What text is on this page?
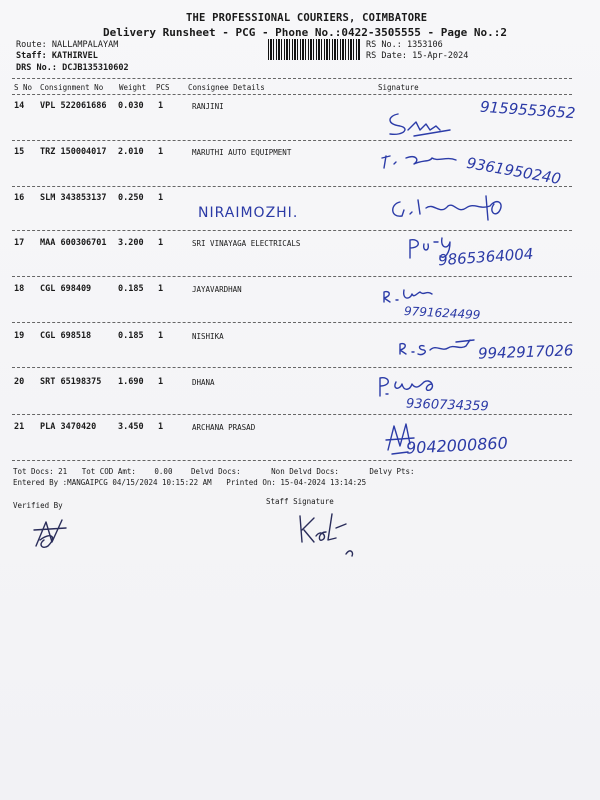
THE PROFESSIONAL COURIERS, COIMBATORE
Delivery Runsheet - PCG - Phone No.:0422-3505555 - Page No.:2
Route: NALLAMPALAYAM
Staff: KATHIRVEL
DRS No.: DCJB135310602
RS No.: 1353106
RS Date: 15-Apr-2024
S No Consignment No Weight PCS Consignee Details	Signature
14 VPL 522061686 0.030 1	RANJINI	9159553652
15 TRZ 150004017 2.010 1	MARUTHI AUTO EQUIPMENT
9361950240
16 SLM 343853137 0.250 1
NIRAIMOZHI.
17 MAA 600306701 3.200 1	SRI VINAYAGA ELECTRICALS
9865364004
18 CGL 698409	0.185 1	JAYAVARDHAN
9791624499
19 CGL 698518	0.185 1	NISHIKA
9942917026
20 SRT 65198375 1.690 1	DHANA
9360734359
21 PLA 3470420	3.450 1	ARCHANA PRASAD
9042000860
Tot Docs: 21 Tot COD Amt: 0.00 Delvd Docs:	Non Delvd Docs:	Delvy Pts:
Entered By :MANGAIPCG 04/15/2024 10:15:22 AM Printed On: 15-04-2024 13:14:25
Verified By	Staff Signature
